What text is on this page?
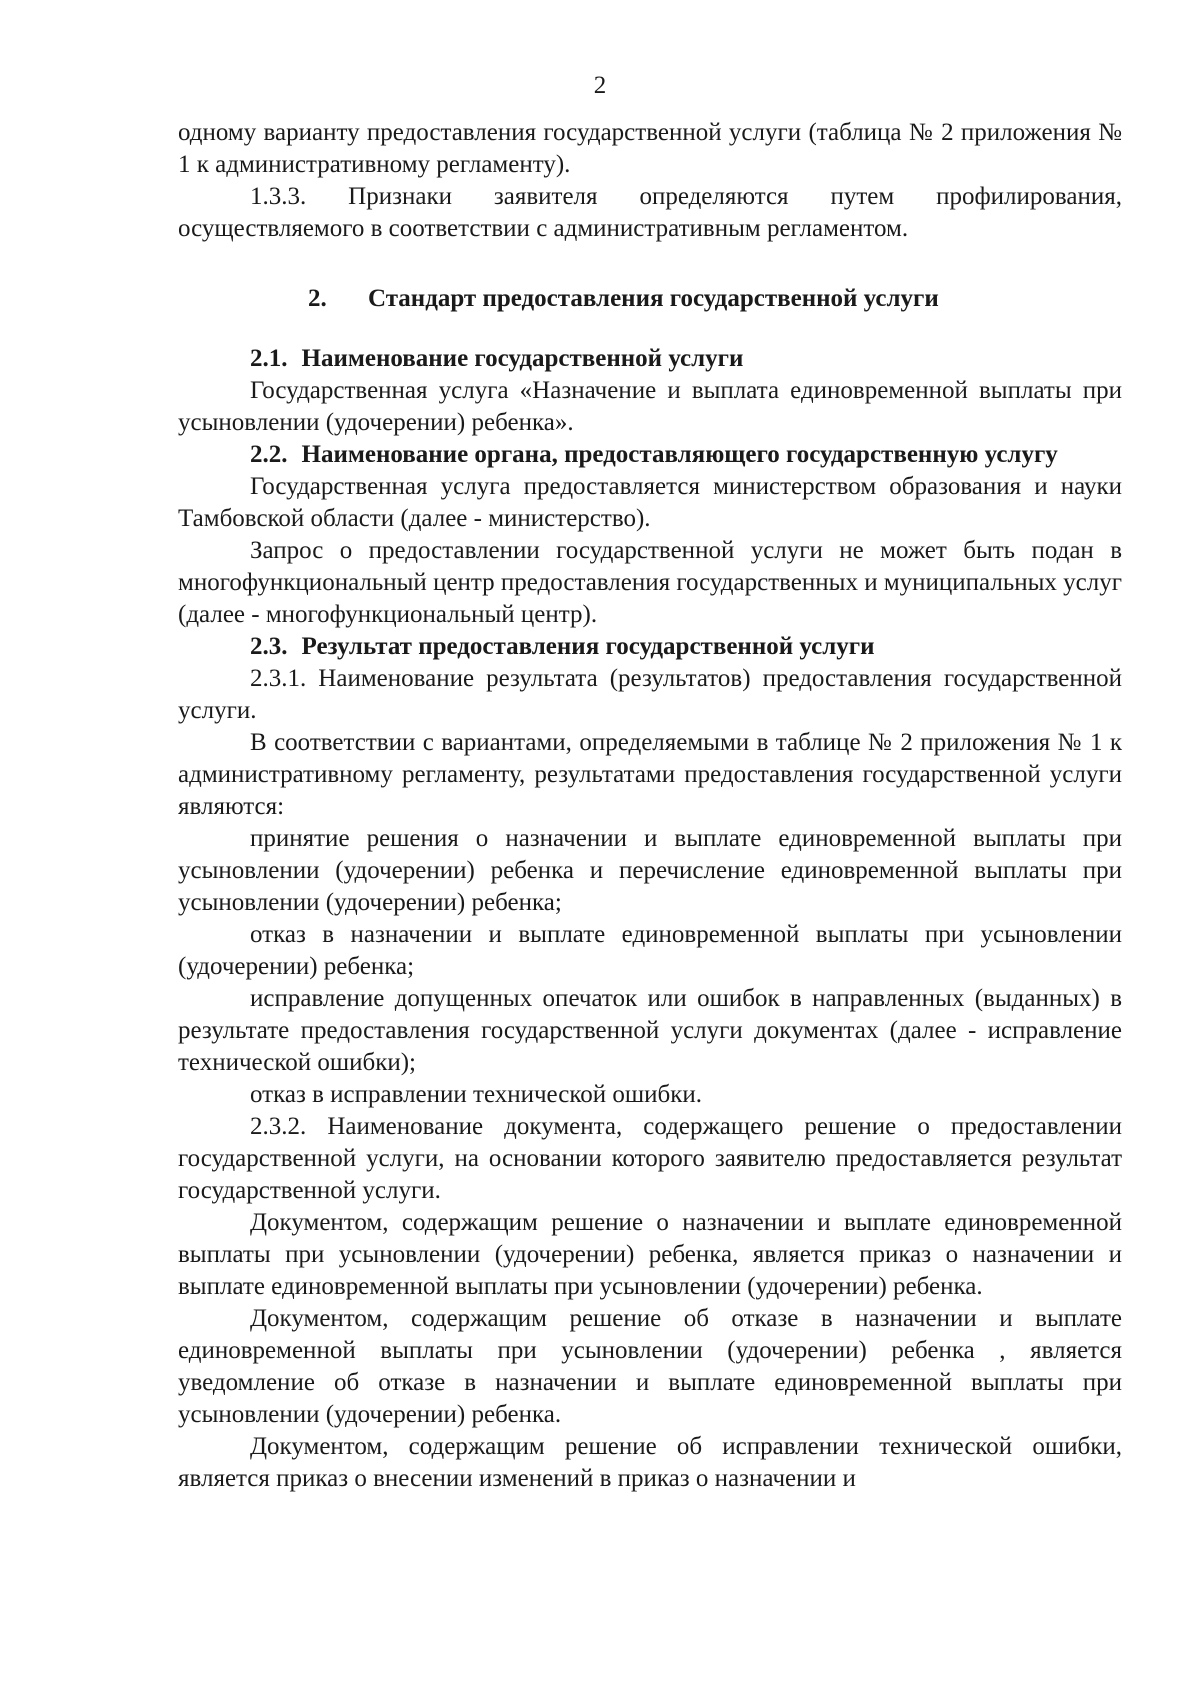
2

одному варианту предоставления государственной услуги (таблица № 2 приложения № 1 к административному регламенту).

1.3.3. Признаки заявителя определяются путем профилирования, осуществляемого в соответствии с административным регламентом.

2. Стандарт предоставления государственной услуги

2.1. Наименование государственной услуги

Государственная услуга «Назначение и выплата единовременной выплаты при усыновлении (удочерении) ребенка».

2.2. Наименование органа, предоставляющего государственную услугу

Государственная услуга предоставляется министерством образования и науки Тамбовской области (далее - министерство).

Запрос о предоставлении государственной услуги не может быть подан в многофункциональный центр предоставления государственных и муниципальных услуг (далее - многофункциональный центр).

2.3. Результат предоставления государственной услуги

2.3.1. Наименование результата (результатов) предоставления государственной услуги.

В соответствии с вариантами, определяемыми в таблице № 2 приложения № 1 к административному регламенту, результатами предоставления государственной услуги являются:

принятие решения о назначении и выплате единовременной выплаты при усыновлении (удочерении) ребенка и перечисление единовременной выплаты при усыновлении (удочерении) ребенка;

отказ в назначении и выплате единовременной выплаты при усыновлении (удочерении) ребенка;

исправление допущенных опечаток или ошибок в направленных (выданных) в результате предоставления государственной услуги документах (далее - исправление технической ошибки);

отказ в исправлении технической ошибки.

2.3.2. Наименование документа, содержащего решение о предоставлении государственной услуги, на основании которого заявителю предоставляется результат государственной услуги.

Документом, содержащим решение о назначении и выплате единовременной выплаты при усыновлении (удочерении) ребенка, является приказ о назначении и выплате единовременной выплаты при усыновлении (удочерении) ребенка.

Документом, содержащим решение об отказе в назначении и выплате единовременной выплаты при усыновлении (удочерении) ребенка , является уведомление об отказе в назначении и выплате единовременной выплаты при усыновлении (удочерении) ребенка.

Документом, содержащим решение об исправлении технической ошибки, является приказ о внесении изменений в приказ о назначении и
